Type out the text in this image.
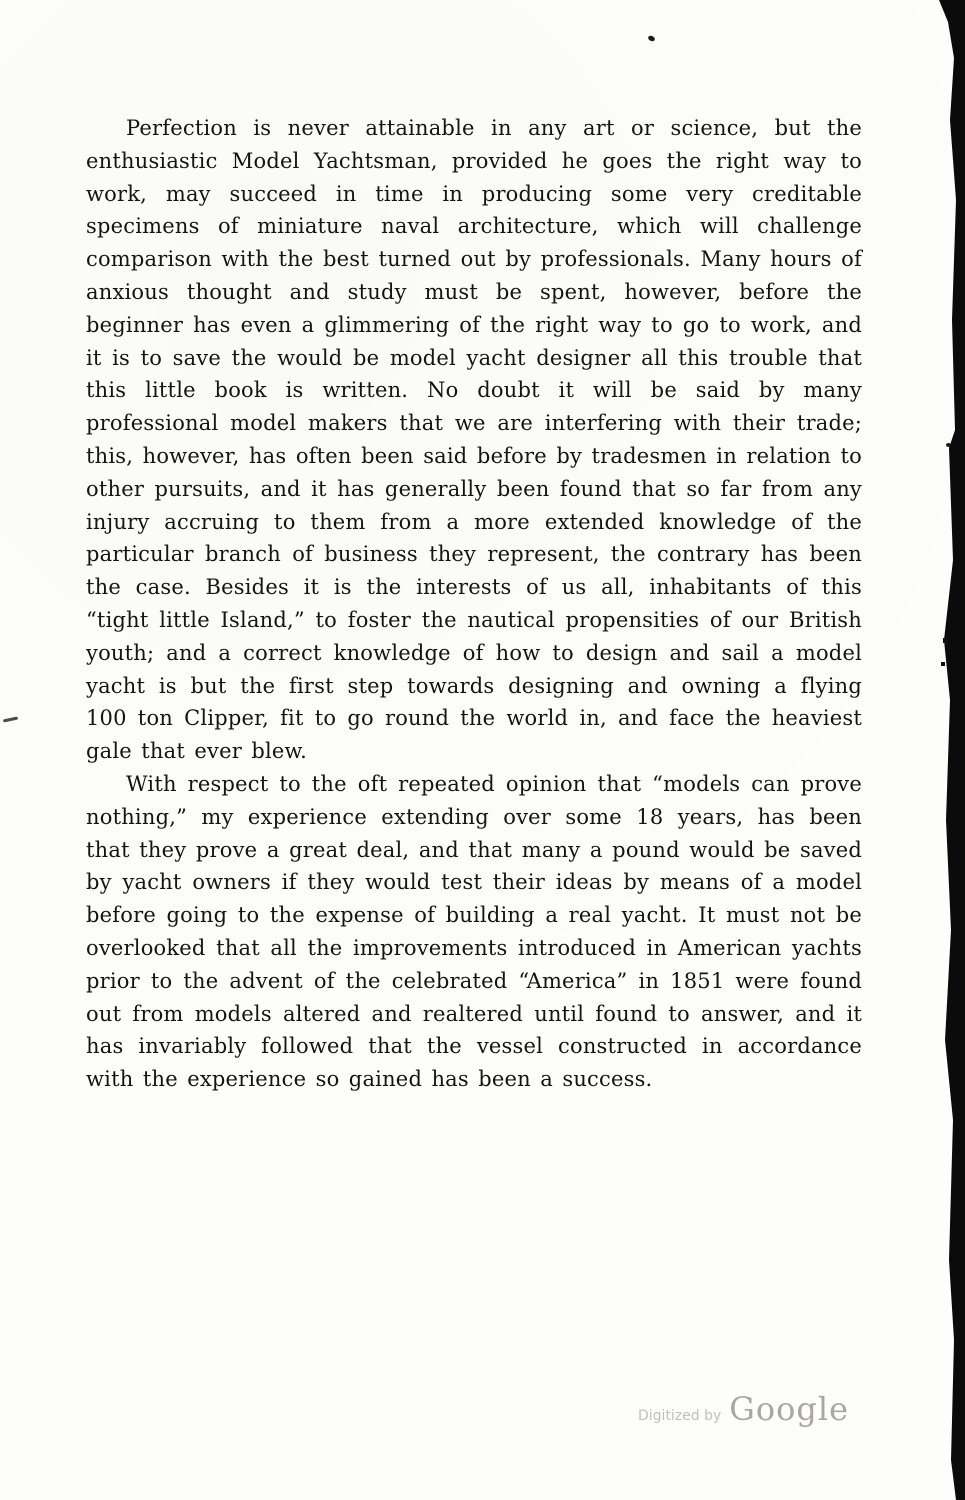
Perfection is never attainable in any art or science, but the enthusiastic Model Yachtsman, provided he goes the right way to work, may succeed in time in producing some very creditable specimens of miniature naval architecture, which will challenge comparison with the best turned out by professionals. Many hours of anxious thought and study must be spent, however, before the beginner has even a glimmering of the right way to go to work, and it is to save the would be model yacht designer all this trouble that this little book is written. No doubt it will be said by many professional model makers that we are interfering with their trade; this, however, has often been said before by tradesmen in relation to other pursuits, and it has generally been found that so far from any injury accruing to them from a more extended knowledge of the particular branch of business they represent, the contrary has been the case. Besides it is the interests of us all, inhabitants of this “tight little Island,” to foster the nautical propensities of our British youth; and a correct knowledge of how to design and sail a model yacht is but the first step towards designing and owning a flying 100 ton Clipper, fit to go round the world in, and face the heaviest gale that ever blew.

With respect to the oft repeated opinion that “models can prove nothing,” my experience extending over some 18 years, has been that they prove a great deal, and that many a pound would be saved by yacht owners if they would test their ideas by means of a model before going to the expense of building a real yacht. It must not be overlooked that all the improvements introduced in American yachts prior to the advent of the celebrated “America” in 1851 were found out from models altered and realtered until found to answer, and it has invariably followed that the vessel constructed in accordance with the experience so gained has been a success.

Digitized by Google
